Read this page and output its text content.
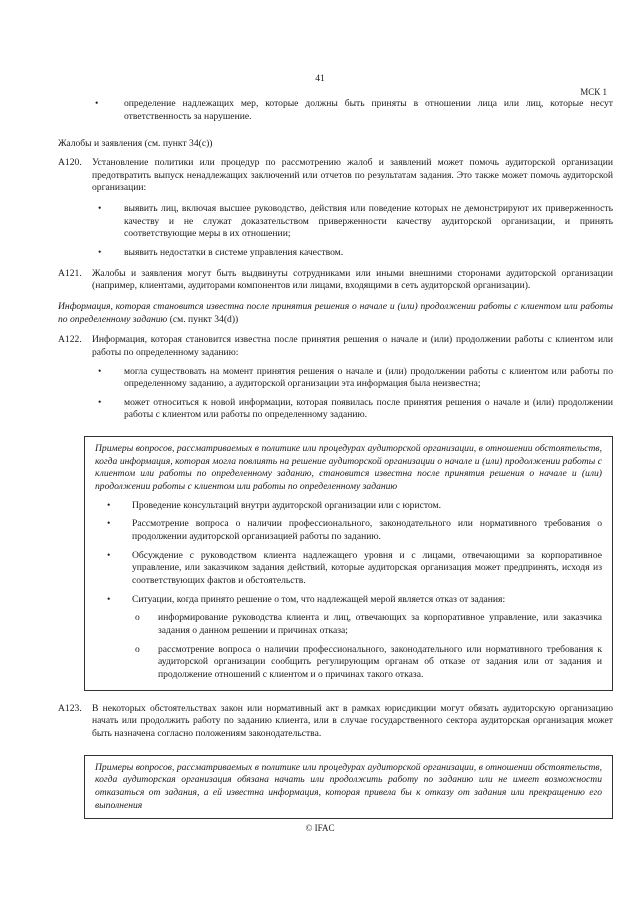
41
МСК 1
•	определение надлежащих мер, которые должны быть приняты в отношении лица или лиц, которые несут ответственность за нарушение.
Жалобы и заявления (см. пункт 34(c))
A120. Установление политики или процедур по рассмотрению жалоб и заявлений может помочь аудиторской организации предотвратить выпуск ненадлежащих заключений или отчетов по результатам задания. Это также может помочь аудиторской организации:
• выявить лиц, включая высшее руководство, действия или поведение которых не демонстрируют их приверженность качеству и не служат доказательством приверженности качеству аудиторской организации, и принять соответствующие меры в их отношении;
• выявить недостатки в системе управления качеством.
A121. Жалобы и заявления могут быть выдвинуты сотрудниками или иными внешними сторонами аудиторской организации (например, клиентами, аудиторами компонентов или лицами, входящими в сеть аудиторской организации).
Информация, которая становится известна после принятия решения о начале и (или) продолжении работы с клиентом или работы по определенному заданию (см. пункт 34(d))
A122. Информация, которая становится известна после принятия решения о начале и (или) продолжении работы с клиентом или работы по определенному заданию:
• могла существовать на момент принятия решения о начале и (или) продолжении работы с клиентом или работы по определенному заданию, а аудиторской организации эта информация была неизвестна;
• может относиться к новой информации, которая появилась после принятия решения о начале и (или) продолжении работы с клиентом или работы по определенному заданию.
Примеры вопросов, рассматриваемых в политике или процедурах аудиторской организации, в отношении обстоятельств, когда информация, которая могла повлиять на решение аудиторской организации о начале и (или) продолжении работы с клиентом или работы по определенному заданию, становится известна после принятия решения о начале и (или) продолжении работы с клиентом или работы по определенному заданию
• Проведение консультаций внутри аудиторской организации или с юристом.
• Рассмотрение вопроса о наличии профессионального, законодательного или нормативного требования о продолжении аудиторской организацией работы по заданию.
• Обсуждение с руководством клиента надлежащего уровня и с лицами, отвечающими за корпоративное управление, или заказчиком задания действий, которые аудиторская организация может предпринять, исходя из соответствующих фактов и обстоятельств.
• Ситуации, когда принято решение о том, что надлежащей мерой является отказ от задания:
o информирование руководства клиента и лиц, отвечающих за корпоративное управление, или заказчика задания о данном решении и причинах отказа;
o рассмотрение вопроса о наличии профессионального, законодательного или нормативного требования к аудиторской организации сообщить регулирующим органам об отказе от задания или от задания и продолжение отношений с клиентом и о причинах такого отказа.
A123. В некоторых обстоятельствах закон или нормативный акт в рамках юрисдикции могут обязать аудиторскую организацию начать или продолжить работу по заданию клиента, или в случае государственного сектора аудиторская организация может быть назначена согласно положениям законодательства.
Примеры вопросов, рассматриваемых в политике или процедурах аудиторской организации, в отношении обстоятельств, когда аудиторская организация обязана начать или продолжить работу по заданию или не имеет возможности отказаться от задания, а ей известна информация, которая привела бы к отказу от задания или прекращению его выполнения
© IFAC
